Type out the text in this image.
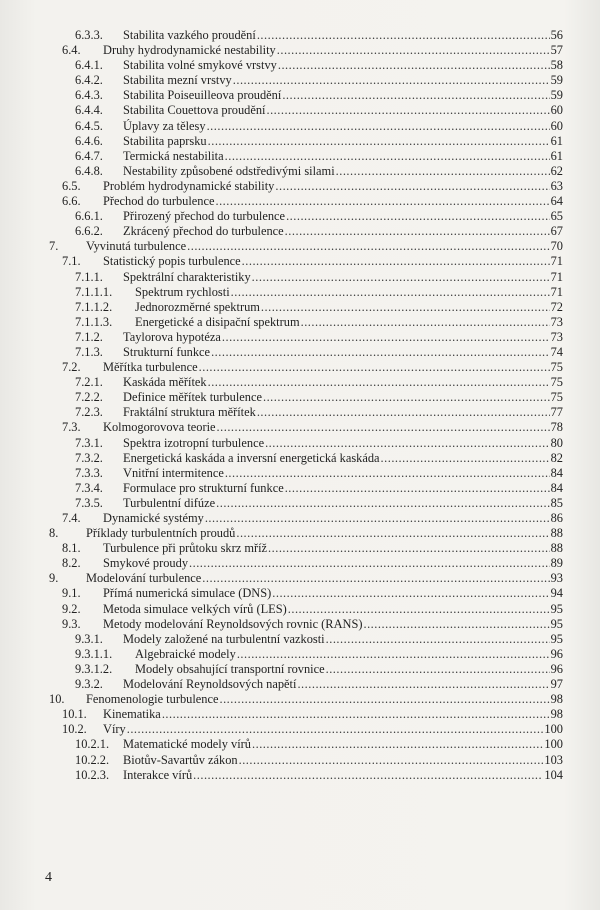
6.3.3. Stabilita vazkého proudění .....	56
6.4. Druhy hydrodynamické nestability .....	57
6.4.1. Stabilita volné smykové vrstvy .....	58
6.4.2. Stabilita mezní vrstvy .....	59
6.4.3. Stabilita Poiseuilleova proudění .....	59
6.4.4. Stabilita Couettova proudění .....	60
6.4.5. Úplavy za tělesy .....	60
6.4.6. Stabilita paprsku .....	61
6.4.7. Termická nestabilita .....	61
6.4.8. Nestability způsobené odstředivými silami .....	62
6.5. Problém hydrodynamické stability .....	63
6.6. Přechod do turbulence .....	64
6.6.1. Přirozený přechod do turbulence .....	65
6.6.2. Zkrácený přechod do turbulence .....	67
7. Vyvinutá turbulence .....	70
7.1. Statistický popis turbulence .....	71
7.1.1. Spektrální charakteristiky .....	71
7.1.1.1. Spektrum rychlosti .....	71
7.1.1.2. Jednorozměrné spektrum .....	72
7.1.1.3. Energetické a disipační spektrum .....	73
7.1.2. Taylorova hypotéza .....	73
7.1.3. Strukturní funkce .....	74
7.2. Měřítka turbulence .....	75
7.2.1. Kaskáda měřítek .....	75
7.2.2. Definice měřítek turbulence .....	75
7.2.3. Fraktální struktura měřítek .....	77
7.3. Kolmogorovova teorie .....	78
7.3.1. Spektra izotropní turbulence .....	80
7.3.2. Energetická kaskáda a inversní energetická kaskáda .....	82
7.3.3. Vnitřní intermitence .....	84
7.3.4. Formulace pro strukturní funkce .....	84
7.3.5. Turbulentní difúze .....	85
7.4. Dynamické systémy .....	86
8. Příklady turbulentních proudů .....	88
8.1. Turbulence při průtoku skrz mříž .....	88
8.2. Smykové proudy .....	89
9. Modelování turbulence .....	93
9.1. Přímá numerická simulace (DNS) .....	94
9.2. Metoda simulace velkých vírů (LES) .....	95
9.3. Metody modelování Reynoldsových rovnic (RANS) .....	95
9.3.1. Modely založené na turbulentní vazkosti .....	95
9.3.1.1. Algebraické modely .....	96
9.3.1.2. Modely obsahující transportní rovnice .....	96
9.3.2. Modelování Reynoldsových napětí .....	97
10. Fenomenologie turbulence .....	98
10.1. Kinematika .....	98
10.2. Víry .....	100
10.2.1. Matematické modely vírů .....	100
10.2.2. Biotův-Savartův zákon .....	103
10.2.3. Interakce vírů .....	104
4
